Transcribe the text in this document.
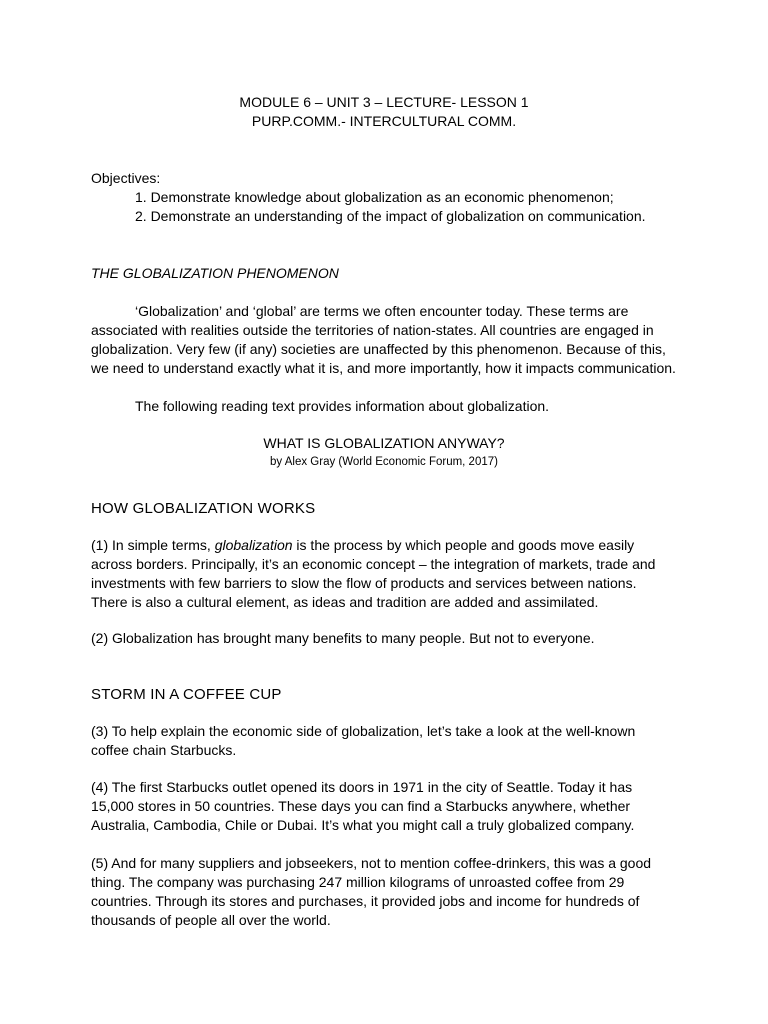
MODULE 6 – UNIT 3 – LECTURE- LESSON 1
PURP.COMM.- INTERCULTURAL COMM.
Objectives:
1. Demonstrate knowledge about globalization as an economic phenomenon;
2. Demonstrate an understanding of the impact of globalization on communication.
THE GLOBALIZATION PHENOMENON
‘Globalization’ and ‘global’ are terms we often encounter today. These terms are associated with realities outside the territories of nation-states. All countries are engaged in globalization. Very few (if any) societies are unaffected by this phenomenon. Because of this, we need to understand exactly what it is, and more importantly, how it impacts communication.
The following reading text provides information about globalization.
WHAT IS GLOBALIZATION ANYWAY?
by Alex Gray (World Economic Forum, 2017)
HOW GLOBALIZATION WORKS
(1) In simple terms, globalization is the process by which people and goods move easily across borders. Principally, it’s an economic concept – the integration of markets, trade and investments with few barriers to slow the flow of products and services between nations. There is also a cultural element, as ideas and tradition are added and assimilated.
(2) Globalization has brought many benefits to many people. But not to everyone.
STORM IN A COFFEE CUP
(3) To help explain the economic side of globalization, let’s take a look at the well-known coffee chain Starbucks.
(4) The first Starbucks outlet opened its doors in 1971 in the city of Seattle. Today it has 15,000 stores in 50 countries. These days you can find a Starbucks anywhere, whether Australia, Cambodia, Chile or Dubai. It’s what you might call a truly globalized company.
(5) And for many suppliers and jobseekers, not to mention coffee-drinkers, this was a good thing. The company was purchasing 247 million kilograms of unroasted coffee from 29 countries. Through its stores and purchases, it provided jobs and income for hundreds of thousands of people all over the world.
